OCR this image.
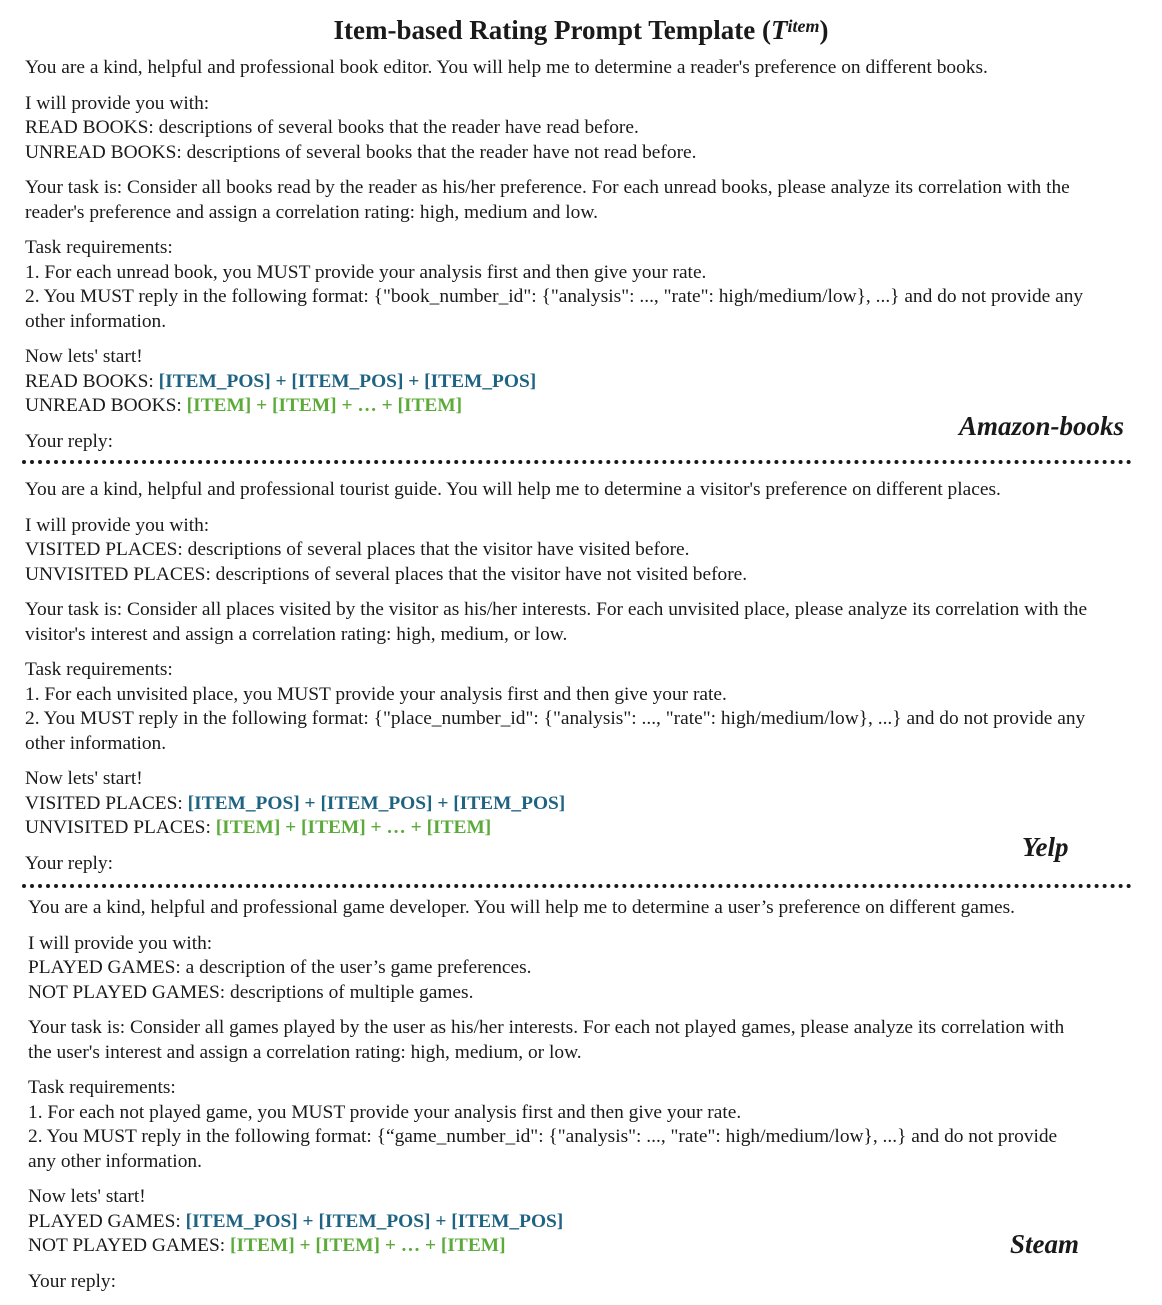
Item-based Rating Prompt Template $(T^{item})$

You are a kind, helpful and professional book editor. You will help me to determine a reader's preference on different books.

I will provide you with:

READ BOOKS: descriptions of several books that the reader have read before.

UNREAD BOOKS: descriptions of several books that the reader have not read before.

Your task is: Consider all books read by the reader as his/her preference. For each unread books, please analyze its correlation with the

reader's preference and assign a correlation rating: high, medium and low.

Task requirements:

1. For each unread book, you MUST provide your analysis first and then give your rate.

2. You MUST reply in the following format: {"book_number_id": {"analysis": ..., "rate": high/medium/low}, ...} and do not provide any

other information.

Now lets' start!

READ BOOKS: [ITEM_POS] + [ITEM_POS] + [ITEM_POS]

UNREAD BOOKS: [ITEM] + [ITEM] + … + [ITEM]

Your reply:	Amazon-books

You are a kind, helpful and professional tourist guide. You will help me to determine a visitor's preference on different places.

I will provide you with:

VISITED PLACES: descriptions of several places that the visitor have visited before.

UNVISITED PLACES: descriptions of several places that the visitor have not visited before.

Your task is: Consider all places visited by the visitor as his/her interests. For each unvisited place, please analyze its correlation with the

visitor's interest and assign a correlation rating: high, medium, or low.

Task requirements:

1. For each unvisited place, you MUST provide your analysis first and then give your rate.

2. You MUST reply in the following format: {"place_number_id": {"analysis": ..., "rate": high/medium/low}, ...} and do not provide any

other information.

Now lets' start!

VISITED PLACES: [ITEM_POS] + [ITEM_POS] + [ITEM_POS]

UNVISITED PLACES: [ITEM] + [ITEM] + … + [ITEM]

Your reply:

Yelp

You are a kind, helpful and professional game developer. You will help me to determine a user’s preference on different games.

I will provide you with:

PLAYED GAMES: a description of the user’s game preferences.

NOT PLAYED GAMES: descriptions of multiple games.

Your task is: Consider all games played by the user as his/her interests. For each not played games, please analyze its correlation with

the user's interest and assign a correlation rating: high, medium, or low.

Task requirements:

1. For each not played game, you MUST provide your analysis first and then give your rate.

2. You MUST reply in the following format: {“game_number_id": {"analysis": ..., "rate": high/medium/low}, ...} and do not provide

any other information.

Now lets' start!

PLAYED GAMES: [ITEM_POS] + [ITEM_POS] + [ITEM_POS]

NOT PLAYED GAMES: [ITEM] + [ITEM] + … + [ITEM]

Your reply:

Steam
